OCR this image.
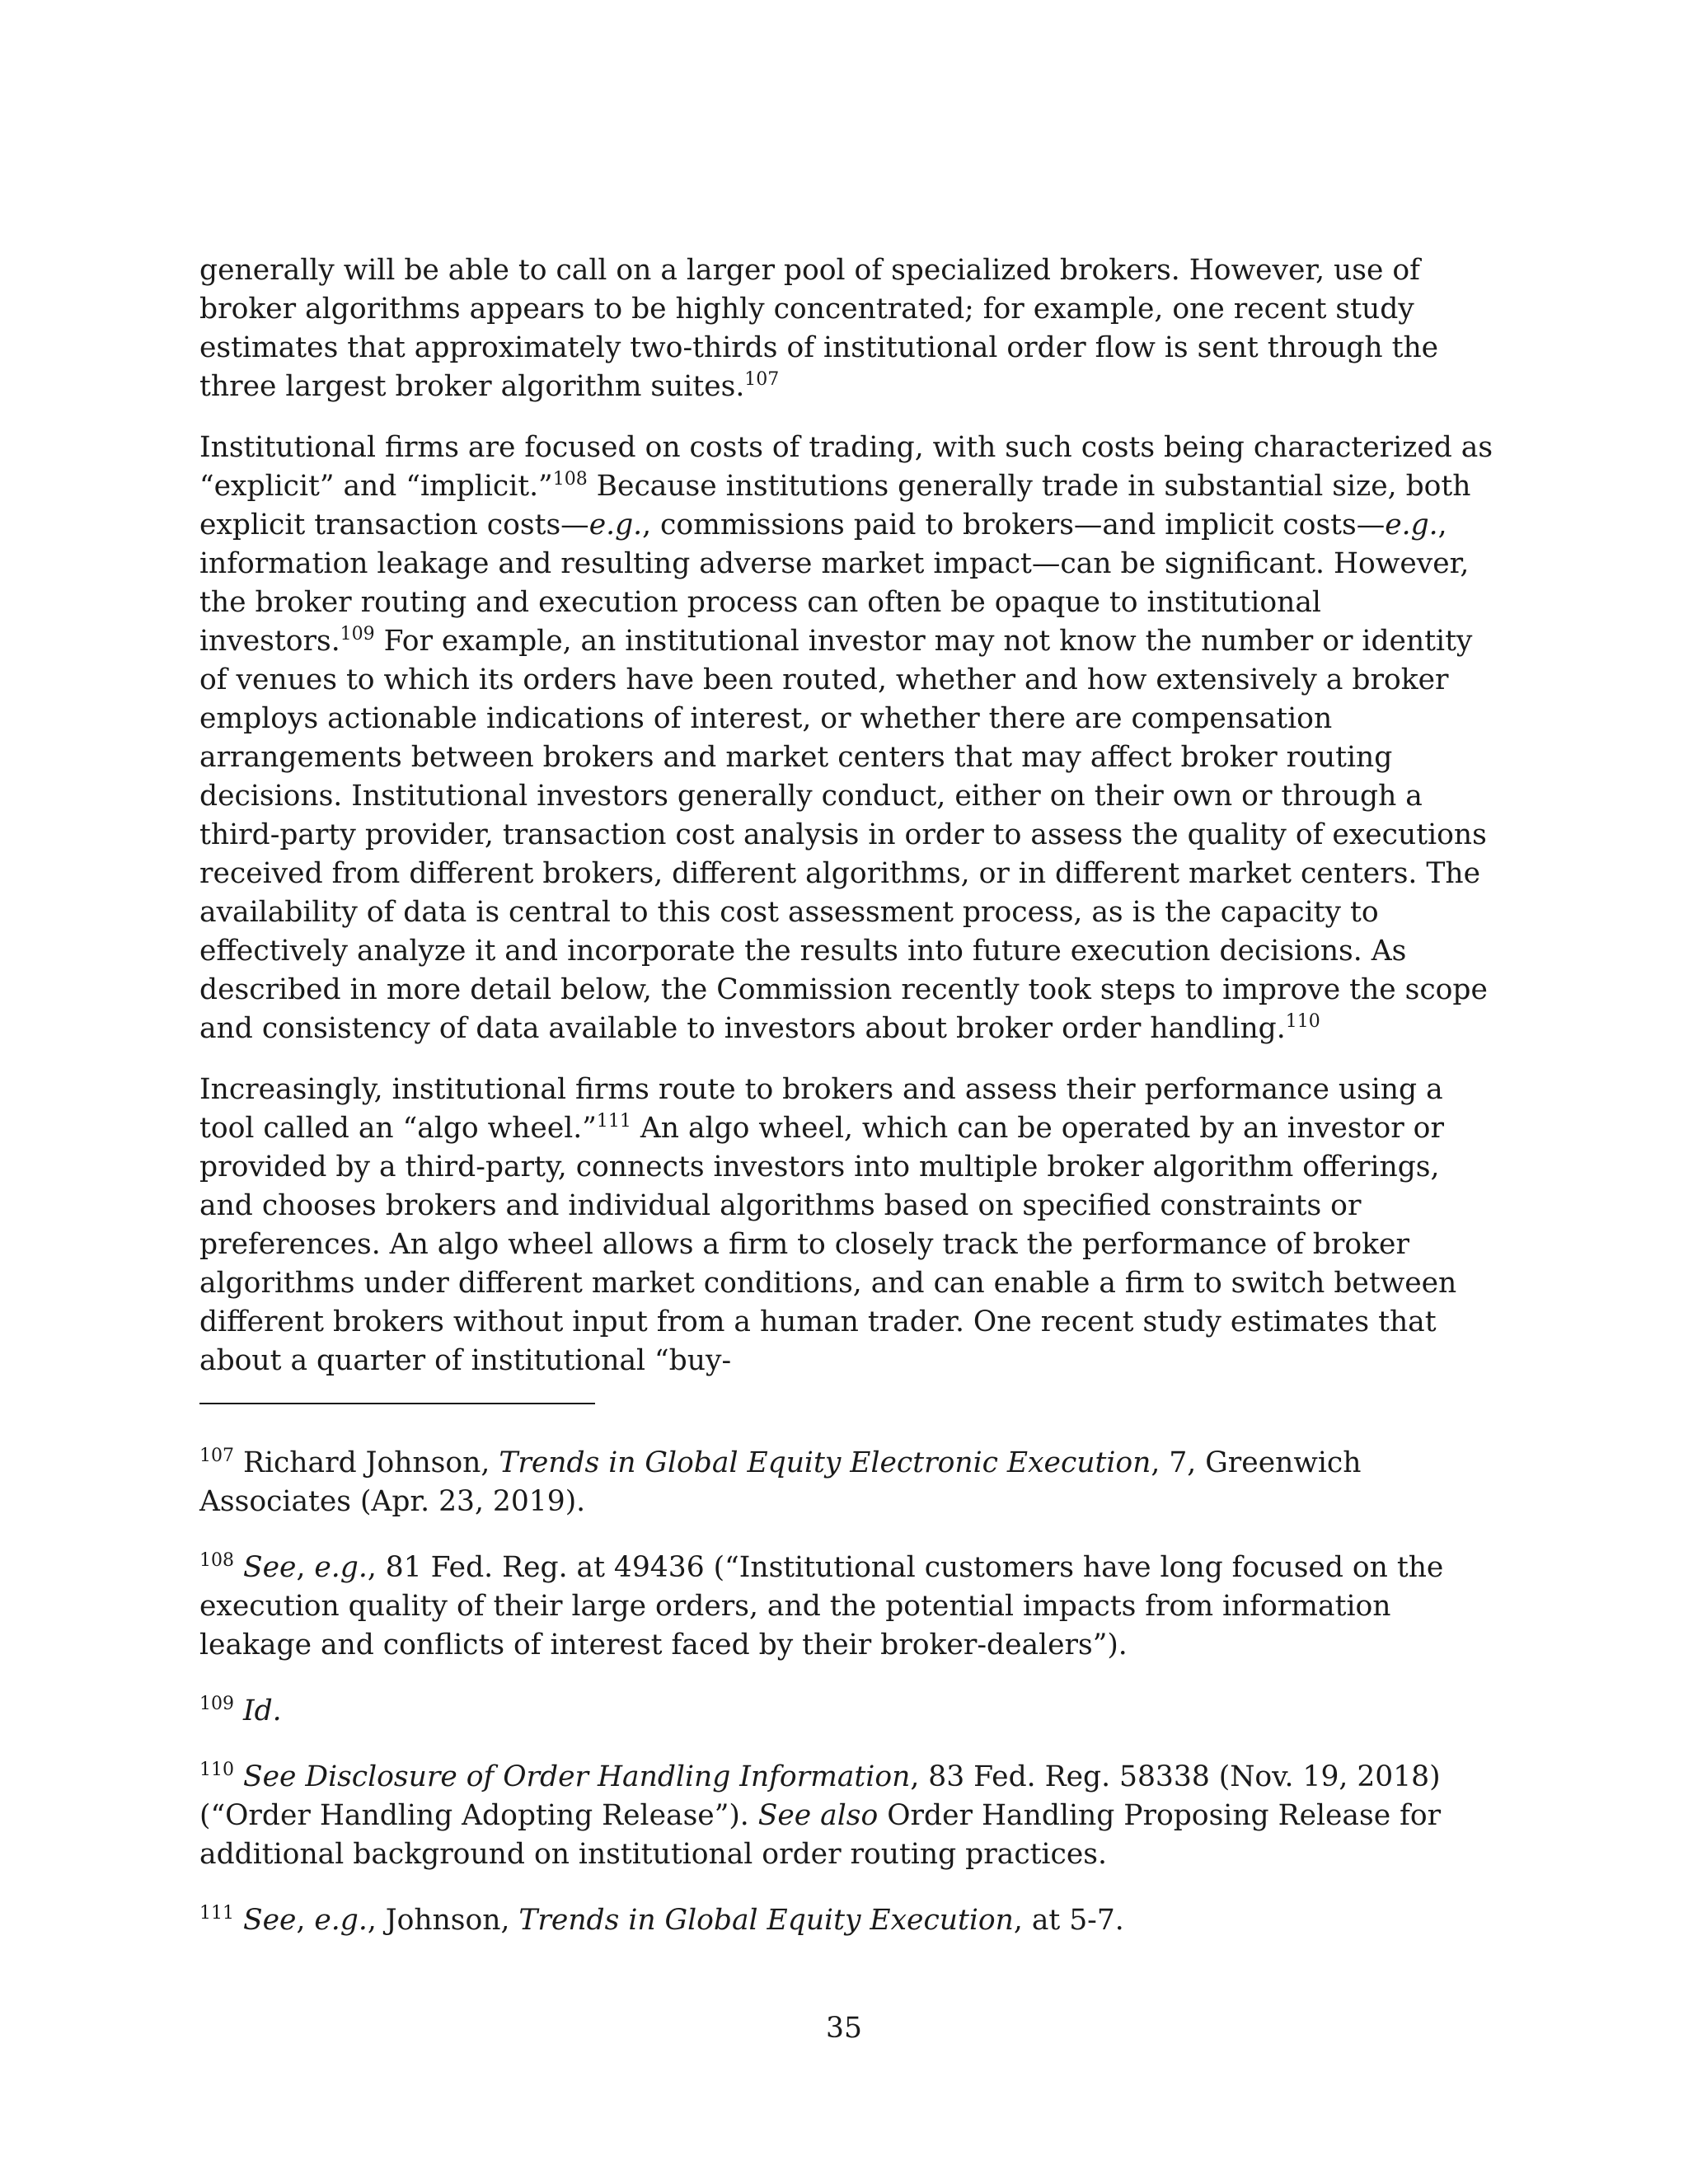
generally will be able to call on a larger pool of specialized brokers. However, use of broker algorithms appears to be highly concentrated; for example, one recent study estimates that approximately two-thirds of institutional order flow is sent through the three largest broker algorithm suites.$^{107}$

Institutional firms are focused on costs of trading, with such costs being characterized as “explicit” and “implicit.”$^{108}$ Because institutions generally trade in substantial size, both explicit transaction costs—e.g., commissions paid to brokers—and implicit costs—e.g., information leakage and resulting adverse market impact—can be significant. However, the broker routing and execution process can often be opaque to institutional investors.$^{109}$ For example, an institutional investor may not know the number or identity of venues to which its orders have been routed, whether and how extensively a broker employs actionable indications of interest, or whether there are compensation arrangements between brokers and market centers that may affect broker routing decisions. Institutional investors generally conduct, either on their own or through a third-party provider, transaction cost analysis in order to assess the quality of executions received from different brokers, different algorithms, or in different market centers. The availability of data is central to this cost assessment process, as is the capacity to effectively analyze it and incorporate the results into future execution decisions. As described in more detail below, the Commission recently took steps to improve the scope and consistency of data available to investors about broker order handling.$^{110}$

Increasingly, institutional firms route to brokers and assess their performance using a tool called an “algo wheel.”$^{111}$ An algo wheel, which can be operated by an investor or provided by a third-party, connects investors into multiple broker algorithm offerings, and chooses brokers and individual algorithms based on specified constraints or preferences. An algo wheel allows a firm to closely track the performance of broker algorithms under different market conditions, and can enable a firm to switch between different brokers without input from a human trader. One recent study estimates that about a quarter of institutional “buy-

$^{107}$ Richard Johnson, Trends in Global Equity Electronic Execution, 7, Greenwich Associates (Apr. 23, 2019).

$^{108}$ See, e.g., 81 Fed. Reg. at 49436 (“Institutional customers have long focused on the execution quality of their large orders, and the potential impacts from information leakage and conflicts of interest faced by their broker-dealers”).

$^{109}$ Id.

$^{110}$ See Disclosure of Order Handling Information, 83 Fed. Reg. 58338 (Nov. 19, 2018) (“Order Handling Adopting Release”). See also Order Handling Proposing Release for additional background on institutional order routing practices.

$^{111}$ See, e.g., Johnson, Trends in Global Equity Execution, at 5-7.

35
